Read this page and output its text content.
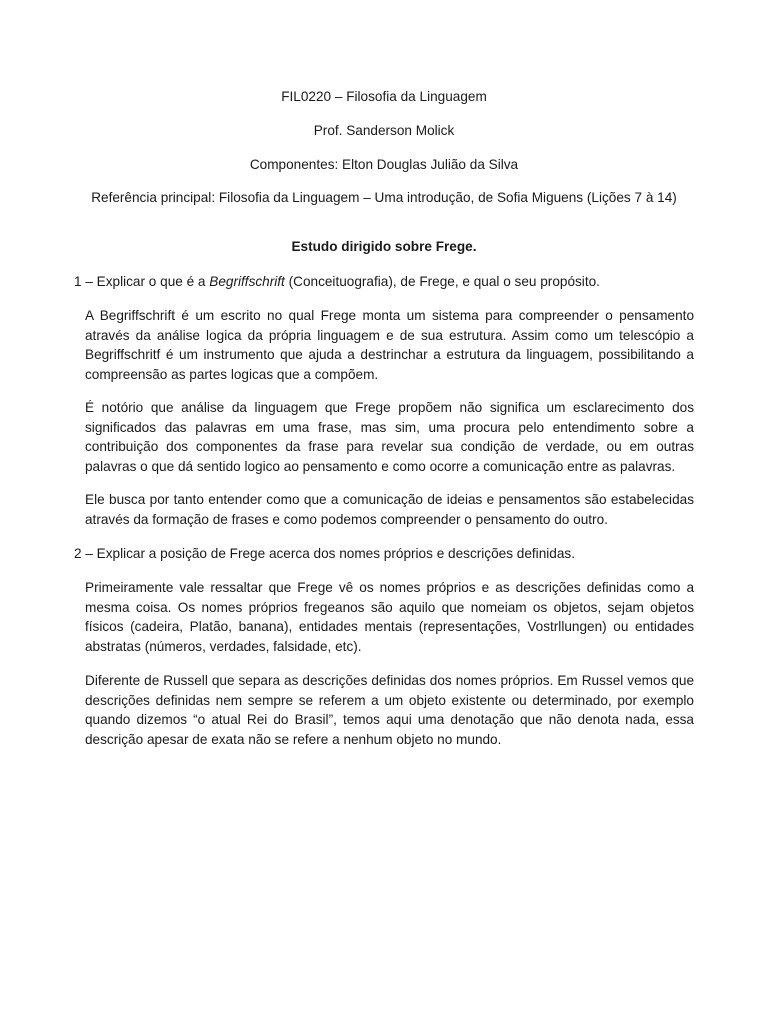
FIL0220 – Filosofia da Linguagem
Prof. Sanderson Molick
Componentes: Elton Douglas Julião da Silva
Referência principal: Filosofia da Linguagem – Uma introdução, de Sofia Miguens (Lições 7 à 14)
Estudo dirigido sobre Frege.
1 – Explicar o que é a Begriffschrift (Conceituografia), de Frege, e qual o seu propósito.

A Begriffschrift é um escrito no qual Frege monta um sistema para compreender o pensamento através da análise logica da própria linguagem e de sua estrutura. Assim como um telescópio a Begriffschritf é um instrumento que ajuda a destrinchar a estrutura da linguagem, possibilitando a compreensão as partes logicas que a compõem.

É notório que análise da linguagem que Frege propõem não significa um esclarecimento dos significados das palavras em uma frase, mas sim, uma procura pelo entendimento sobre a contribuição dos componentes da frase para revelar sua condição de verdade, ou em outras palavras o que dá sentido logico ao pensamento e como ocorre a comunicação entre as palavras.

Ele busca por tanto entender como que a comunicação de ideias e pensamentos são estabelecidas através da formação de frases e como podemos compreender o pensamento do outro.

2 – Explicar a posição de Frege acerca dos nomes próprios e descrições definidas.

Primeiramente vale ressaltar que Frege vê os nomes próprios e as descrições definidas como a mesma coisa. Os nomes próprios fregeanos são aquilo que nomeiam os objetos, sejam objetos físicos (cadeira, Platão, banana), entidades mentais (representações, Vostrllungen) ou entidades abstratas (números, verdades, falsidade, etc).

Diferente de Russell que separa as descrições definidas dos nomes próprios. Em Russel vemos que descrições definidas nem sempre se referem a um objeto existente ou determinado, por exemplo quando dizemos “o atual Rei do Brasil”, temos aqui uma denotação que não denota nada, essa descrição apesar de exata não se refere a nenhum objeto no mundo.
